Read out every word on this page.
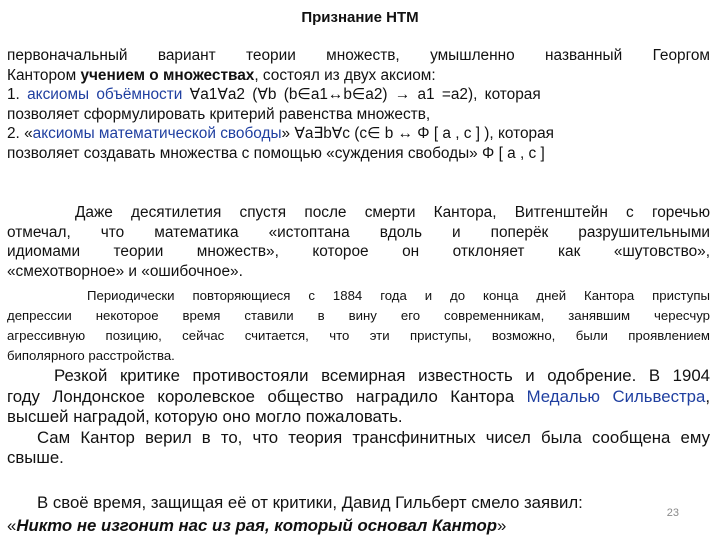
Признание НТМ
первоначальный вариант теории множеств, умышленно названный Георгом
Кантором учением о множествах, состоял из двух аксиом:
1. аксиомы объёмности ∀a1∀a2 (∀b (b∈a1↔b∈a2) → a1 =a2), которая
позволяет сформулировать критерий равенства множеств,
2. «аксиомы математической свободы» ∀a∃b∀c (c∈ b ↔ Φ [ a , c ] ), которая
позволяет создавать множества с помощью «суждения свободы» Φ [ a , c ]
Даже десятилетия спустя после смерти Кантора, Витгенштейн с горечью
отмечал, что математика «истоптана вдоль и поперёк разрушительными
идиомами теории множеств», которое он отклоняет как «шутовство»,
«смехотворное» и «ошибочное».
Периодически повторяющиеся с 1884 года и до конца дней Кантора приступы
депрессии некоторое время ставили в вину его современникам, занявшим чересчур
агрессивную позицию, сейчас считается, что эти приступы, возможно, были проявлением
биполярного расстройства.
Резкой критике противостояли всемирная известность и одобрение. В 1904
году Лондонское королевское общество наградило Кантора Медалью Сильвестра,
высшей наградой, которую оно могло пожаловать.
Сам Кантор верил в то, что теория трансфинитных чисел была сообщена ему
свыше.
В своё время, защищая её от критики, Давид Гильберт смело заявил:
«Никто не изгонит нас из рая, который основал Кантор»
23
